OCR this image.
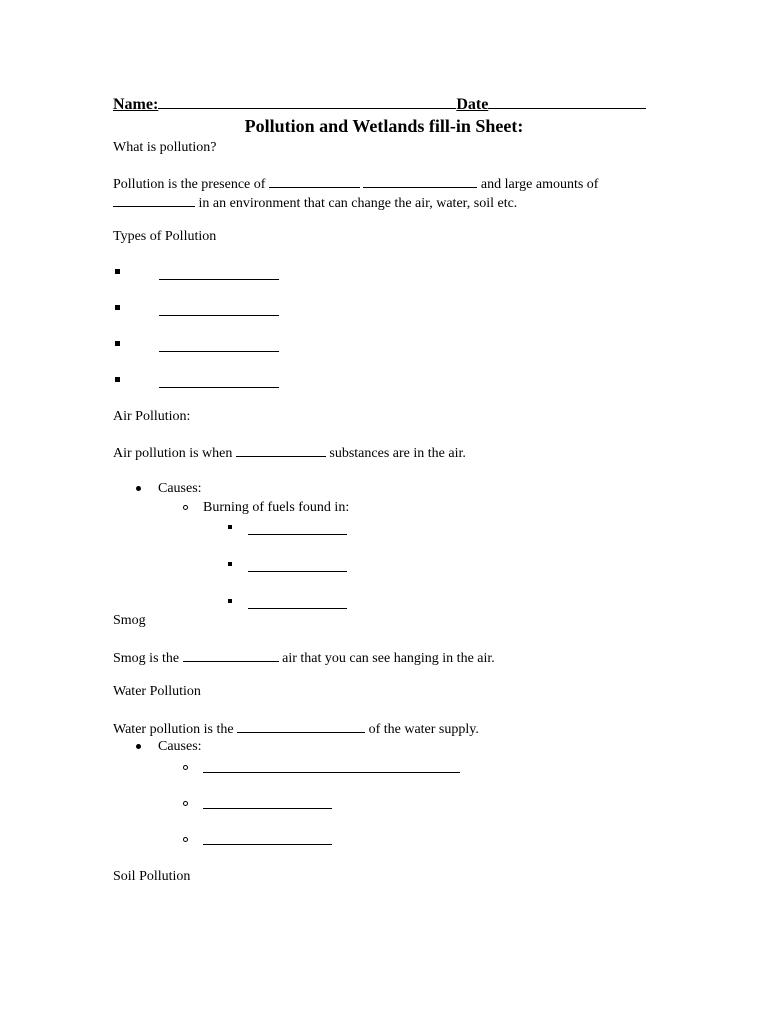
Name:	Date
Pollution and Wetlands fill-in Sheet:
What is pollution?
Pollution is the presence of	and large amounts of
in an environment that can change the air, water, soil etc.
Types of Pollution
Air Pollution:
Air pollution is when	substances are in the air.
Causes:
Burning of fuels found in:
Smog
Smog is the	air that you can see hanging in the air.
Water Pollution
Water pollution is the	of the water supply.
Causes:
Soil Pollution
